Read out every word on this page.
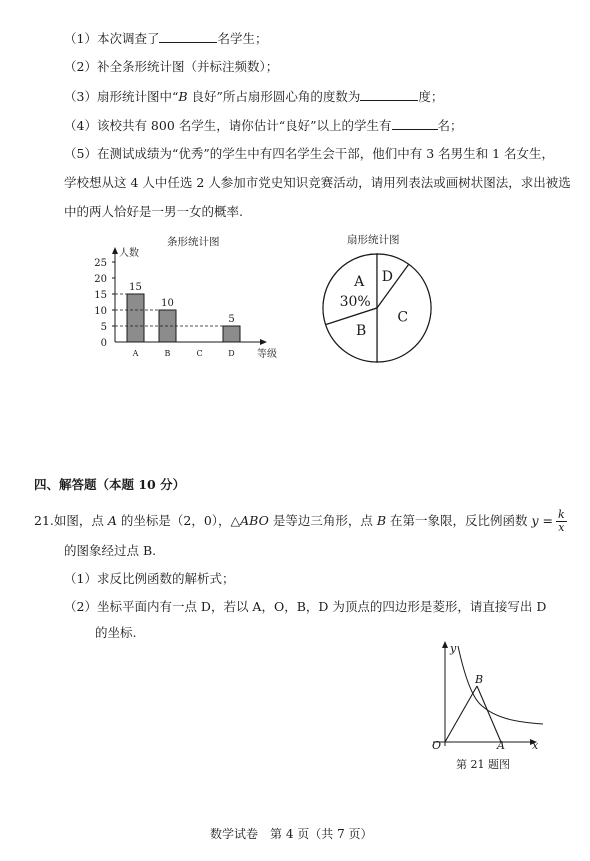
（1）本次调查了	名学生；
（2）补全条形统计图（并标注频数）；
（3）扇形统计图中“B 良好”所占扇形圆心角的度数为	度；
（4）该校共有 800 名学生，请你估计“良好”以上的学生有	名；
（5）在测试成绩为“优秀”的学生中有四名学生会干部，他们中有 3 名男生和 1 名女生，
学校想从这 4 人中任选 2 人参加市党史知识竞赛活动，请用列表法或画树状图法，求出被选
中的两人恰好是一男一女的概率.
条形统计图	扇形统计图
人数
等级
0
5
10
15
20
25
15
A
10
B	C
5
D
A
30%
D
C
B
四、解答题（本题 10 分）
21.如图，点 A 的坐标是（2，0），△ABO 是等边三角形，点 B 在第一象限，反比例函数 $y = \frac{k}{x}$
的图象经过点 B.
（1）求反比例函数的解析式；
（2）坐标平面内有一点 D，若以 A，O，B，D 为顶点的四边形是菱形，请直接写出 D
的坐标.
y
x
O	A
B
第 21 题图
数学试卷　第 4 页（共 7 页）
